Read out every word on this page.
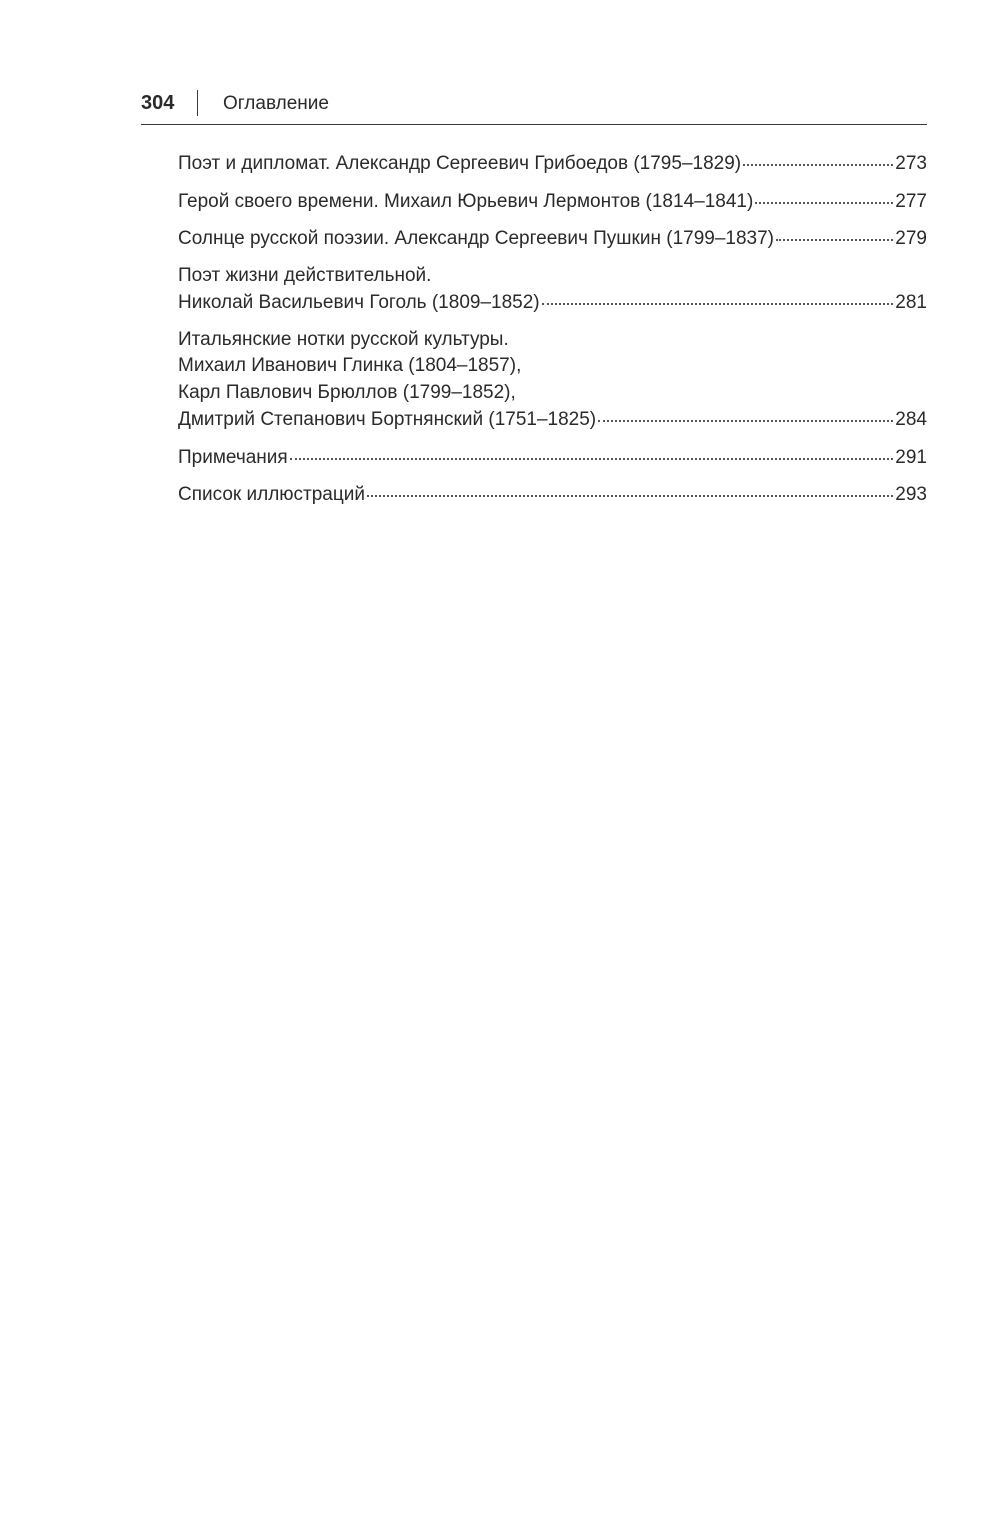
304	Оглавление
Поэт и дипломат. Александр Сергеевич Грибоедов (1795–1829)	273
Герой своего времени. Михаил Юрьевич Лермонтов (1814–1841)	277
Солнце русской поэзии. Александр Сергеевич Пушкин (1799–1837)	279
Поэт жизни действительной.
Николай Васильевич Гоголь (1809–1852)	281
Итальянские нотки русской культуры.
Михаил Иванович Глинка (1804–1857),
Карл Павлович Брюллов (1799–1852),
Дмитрий Степанович Бортнянский (1751–1825)	284
Примечания	291
Список иллюстраций	293
